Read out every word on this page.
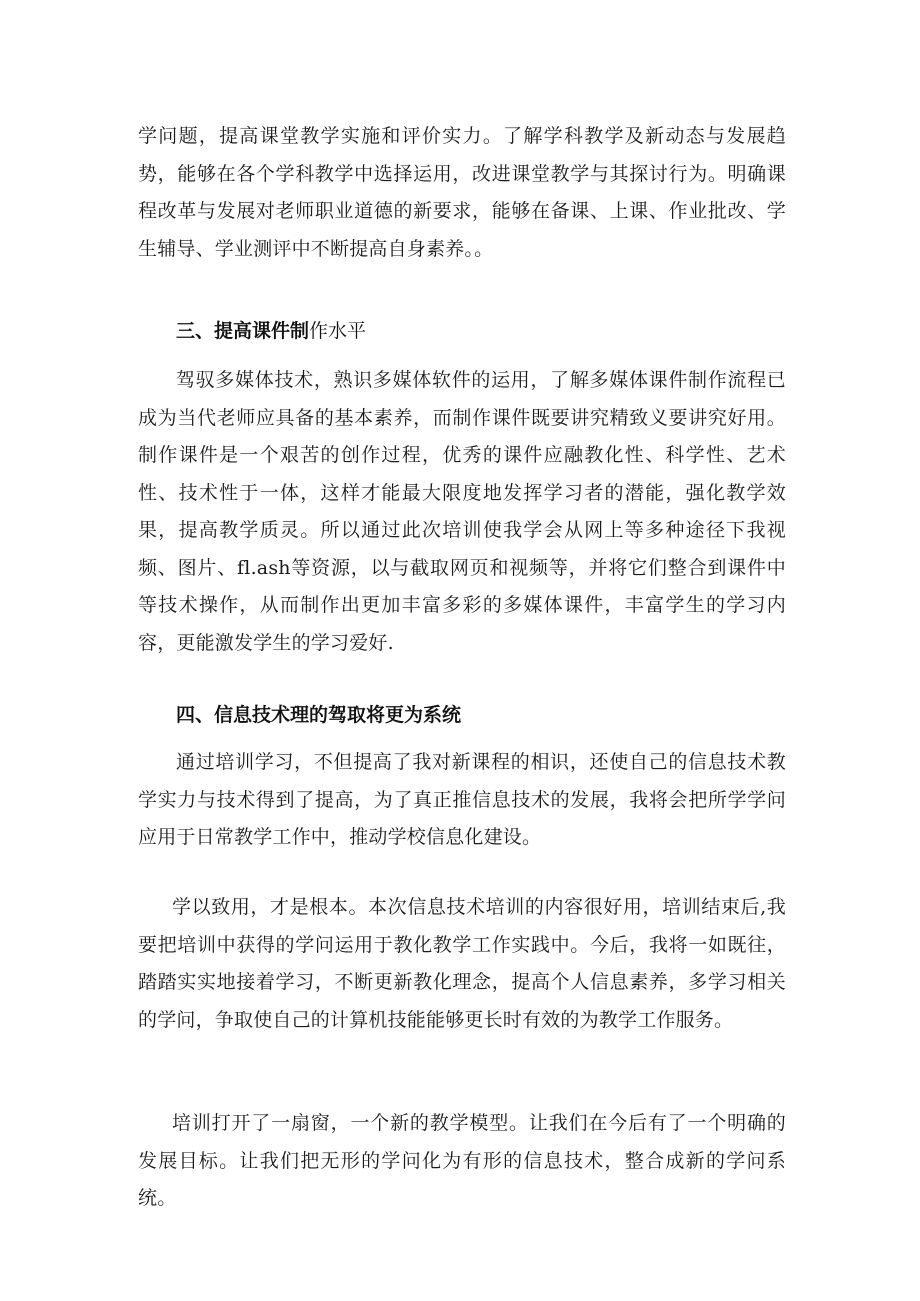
学问题，提高课堂教学实施和评价实力。了解学科教学及新动态与发展趋势，能够在各个学科教学中选择运用，改进课堂教学与其探讨行为。明确课程改革与发展对老师职业道德的新要求，能够在备课、上课、作业批改、学生辅导、学业测评中不断提高自身素养。。

三、提高课件制作水平

驾驭多媒体技术，熟识多媒体软件的运用，了解多媒体课件制作流程已成为当代老师应具备的基本素养，而制作课件既要讲究精致义要讲究好用。制作课件是一个艰苦的创作过程，优秀的课件应融教化性、科学性、艺术性、技术性于一体，这样才能最大限度地发挥学习者的潜能，强化教学效果，提高教学质灵。所以通过此次培训使我学会从网上等多种途径下我视频、图片、fl.ash等资源，以与截取网页和视频等，并将它们整合到课件中等技术操作，从而制作出更加丰富多彩的多媒体课件，丰富学生的学习内容，更能激发学生的学习爱好.

四、信息技术理的驾取将更为系统

通过培训学习，不但提高了我对新课程的相识，还使自己的信息技术教学实力与技术得到了提高，为了真正推信息技术的发展，我将会把所学学问应用于日常教学工作中，推动学校信息化建设。

学以致用，才是根本。本次信息技术培训的内容很好用，培训结束后,我要把培训中获得的学问运用于教化教学工作实践中。今后，我将一如既往，踏踏实实地接着学习，不断更新教化理念，提高个人信息素养，多学习相关的学问，争取使自己的计算机技能能够更长时有效的为教学工作服务。

培训打开了一扇窗，一个新的教学模型。让我们在今后有了一个明确的发展目标。让我们把无形的学问化为有形的信息技术，整合成新的学问系统。
